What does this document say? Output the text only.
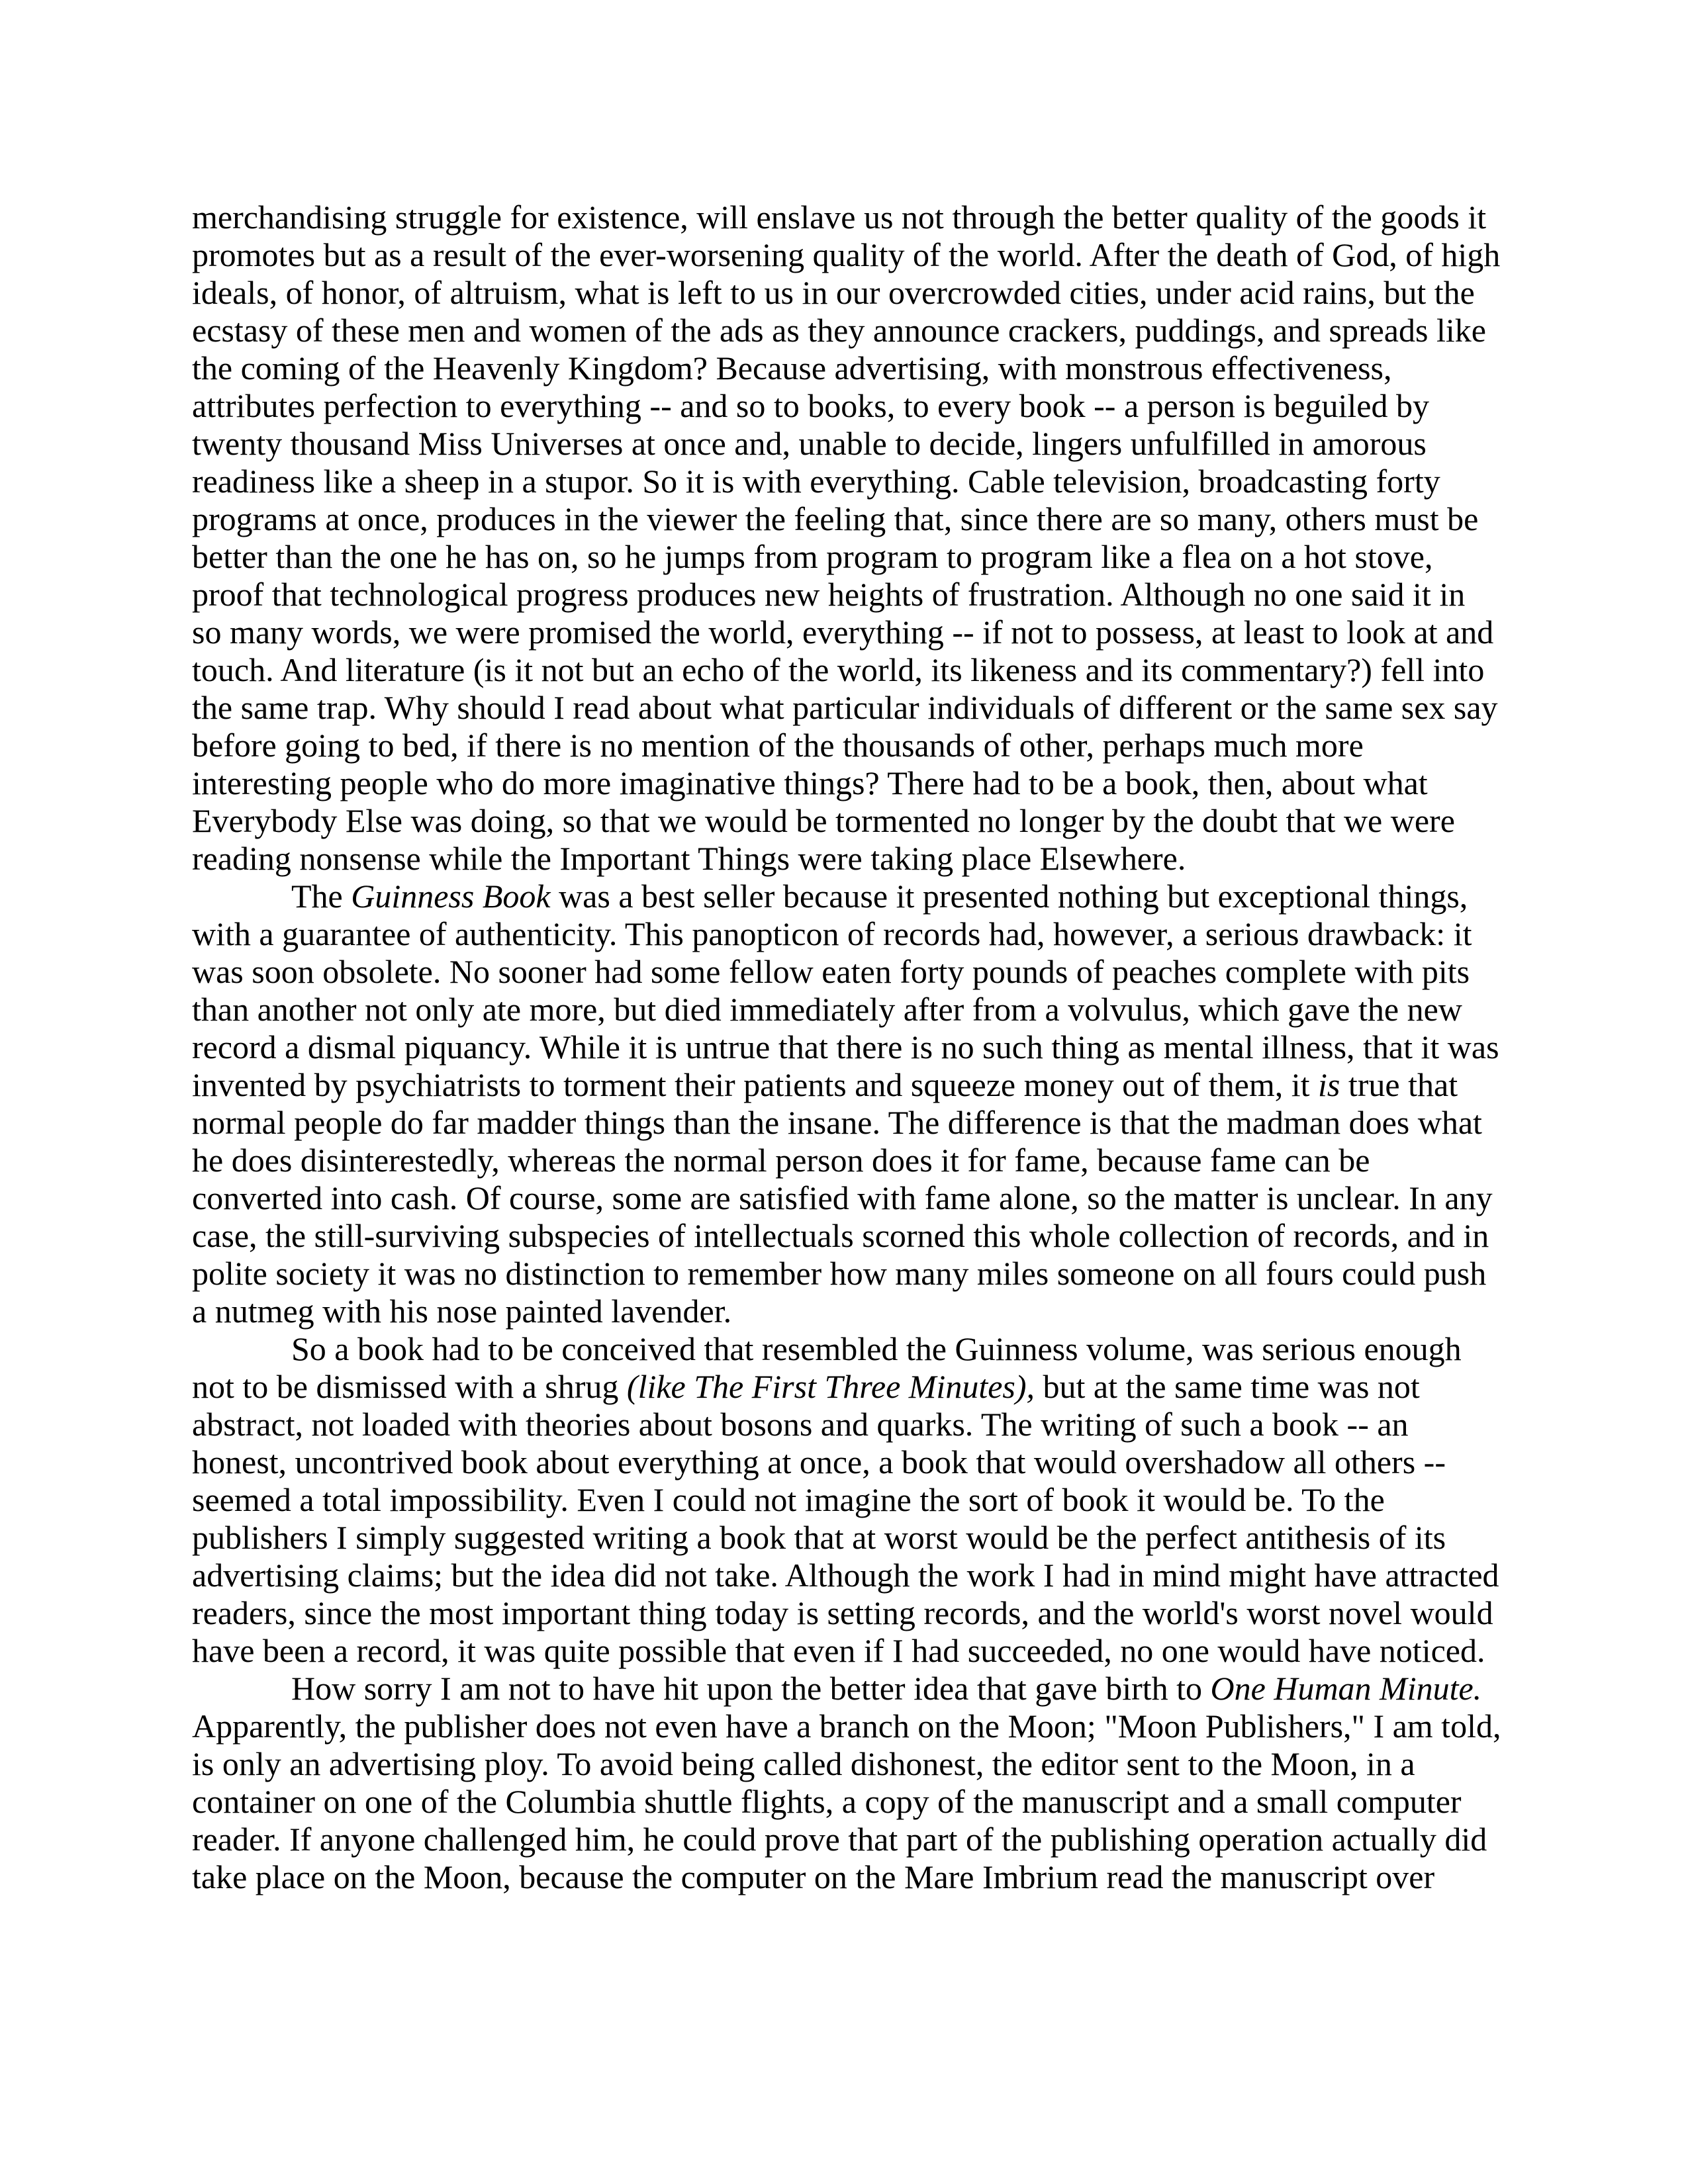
merchandising struggle for existence, will enslave us not through the better quality of the goods it promotes but as a result of the ever-worsening quality of the world. After the death of God, of high ideals, of honor, of altruism, what is left to us in our overcrowded cities, under acid rains, but the ecstasy of these men and women of the ads as they announce crackers, puddings, and spreads like the coming of the Heavenly Kingdom? Because advertising, with monstrous effectiveness, attributes perfection to everything -- and so to books, to every book -- a person is beguiled by twenty thousand Miss Universes at once and, unable to decide, lingers unfulfilled in amorous readiness like a sheep in a stupor. So it is with everything. Cable television, broadcasting forty programs at once, produces in the viewer the feeling that, since there are so many, others must be better than the one he has on, so he jumps from program to program like a flea on a hot stove, proof that technological progress produces new heights of frustration. Although no one said it in so many words, we were promised the world, everything -- if not to possess, at least to look at and touch. And literature (is it not but an echo of the world, its likeness and its commentary?) fell into the same trap. Why should I read about what particular individuals of different or the same sex say before going to bed, if there is no mention of the thousands of other, perhaps much more interesting people who do more imaginative things? There had to be a book, then, about what Everybody Else was doing, so that we would be tormented no longer by the doubt that we were reading nonsense while the Important Things were taking place Elsewhere.

The Guinness Book was a best seller because it presented nothing but exceptional things, with a guarantee of authenticity. This panopticon of records had, however, a serious drawback: it was soon obsolete. No sooner had some fellow eaten forty pounds of peaches complete with pits than another not only ate more, but died immediately after from a volvulus, which gave the new record a dismal piquancy. While it is untrue that there is no such thing as mental illness, that it was invented by psychiatrists to torment their patients and squeeze money out of them, it is true that normal people do far madder things than the insane. The difference is that the madman does what he does disinterestedly, whereas the normal person does it for fame, because fame can be converted into cash. Of course, some are satisfied with fame alone, so the matter is unclear. In any case, the still-surviving subspecies of intellectuals scorned this whole collection of records, and in polite society it was no distinction to remember how many miles someone on all fours could push a nutmeg with his nose painted lavender.

So a book had to be conceived that resembled the Guinness volume, was serious enough not to be dismissed with a shrug (like The First Three Minutes), but at the same time was not abstract, not loaded with theories about bosons and quarks. The writing of such a book -- an honest, uncontrived book about everything at once, a book that would overshadow all others -- seemed a total impossibility. Even I could not imagine the sort of book it would be. To the publishers I simply suggested writing a book that at worst would be the perfect antithesis of its advertising claims; but the idea did not take. Although the work I had in mind might have attracted readers, since the most important thing today is setting records, and the world's worst novel would have been a record, it was quite possible that even if I had succeeded, no one would have noticed.

How sorry I am not to have hit upon the better idea that gave birth to One Human Minute. Apparently, the publisher does not even have a branch on the Moon; "Moon Publishers," I am told, is only an advertising ploy. To avoid being called dishonest, the editor sent to the Moon, in a container on one of the Columbia shuttle flights, a copy of the manuscript and a small computer reader. If anyone challenged him, he could prove that part of the publishing operation actually did take place on the Moon, because the computer on the Mare Imbrium read the manuscript over
